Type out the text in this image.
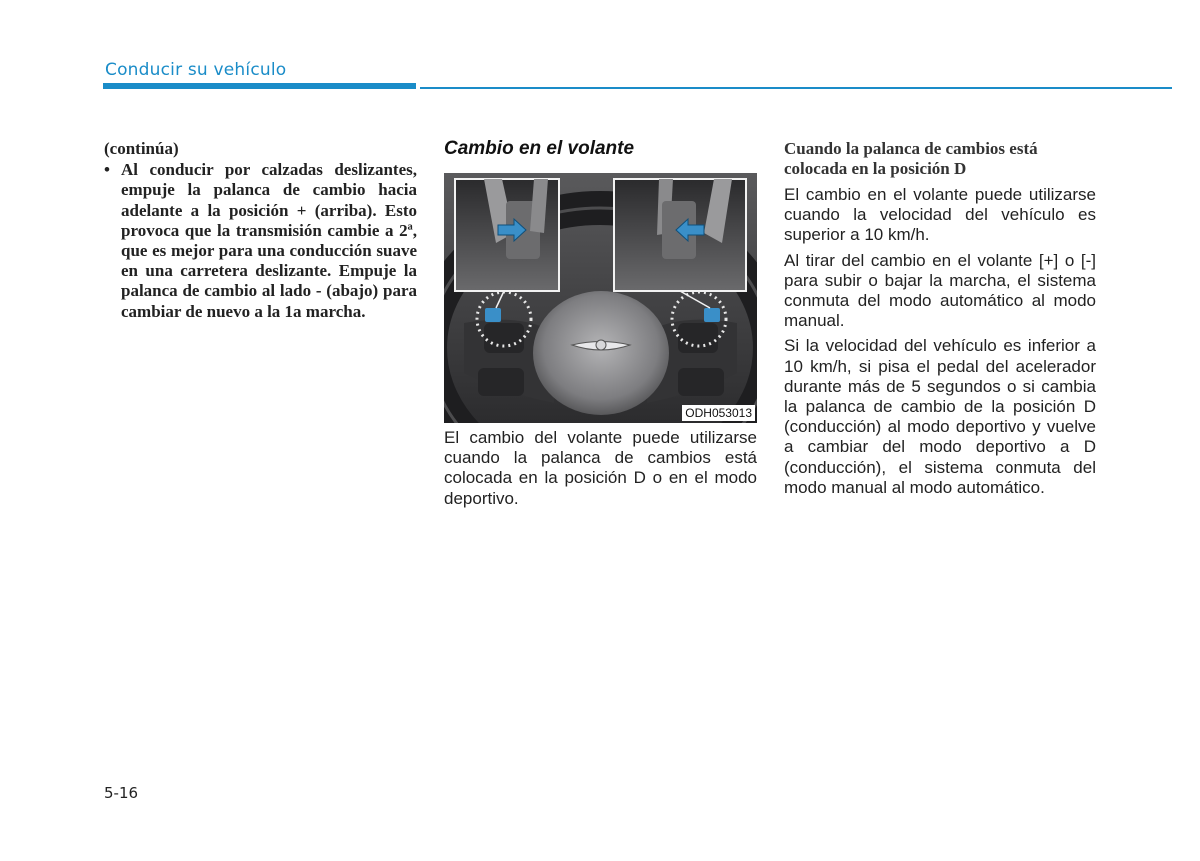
Conducir su vehículo
(continúa)
• Al conducir por calzadas deslizantes, empuje la palanca de cambio hacia adelante a la posición + (arriba). Esto provoca que la transmisión cambie a 2ª, que es mejor para una conducción suave en una carretera deslizante. Empuje la palanca de cambio al lado - (abajo) para cambiar de nuevo a la 1a marcha.
Cambio en el volante
ODH053013
El cambio del volante puede utilizarse cuando la palanca de cambios está colocada en la posición D o en el modo deportivo.
Cuando la palanca de cambios está colocada en la posición D

El cambio en el volante puede utilizarse cuando la velocidad del vehículo es superior a 10 km/h.

Al tirar del cambio en el volante [+] o [-] para subir o bajar la marcha, el sistema conmuta del modo automático al modo manual.

Si la velocidad del vehículo es inferior a 10 km/h, si pisa el pedal del acelerador durante más de 5 segundos o si cambia la palanca de cambio de la posición D (conducción) al modo deportivo y vuelve a cambiar del modo deportivo a D (conducción), el sistema conmuta del modo manual al modo automático.

5-16
